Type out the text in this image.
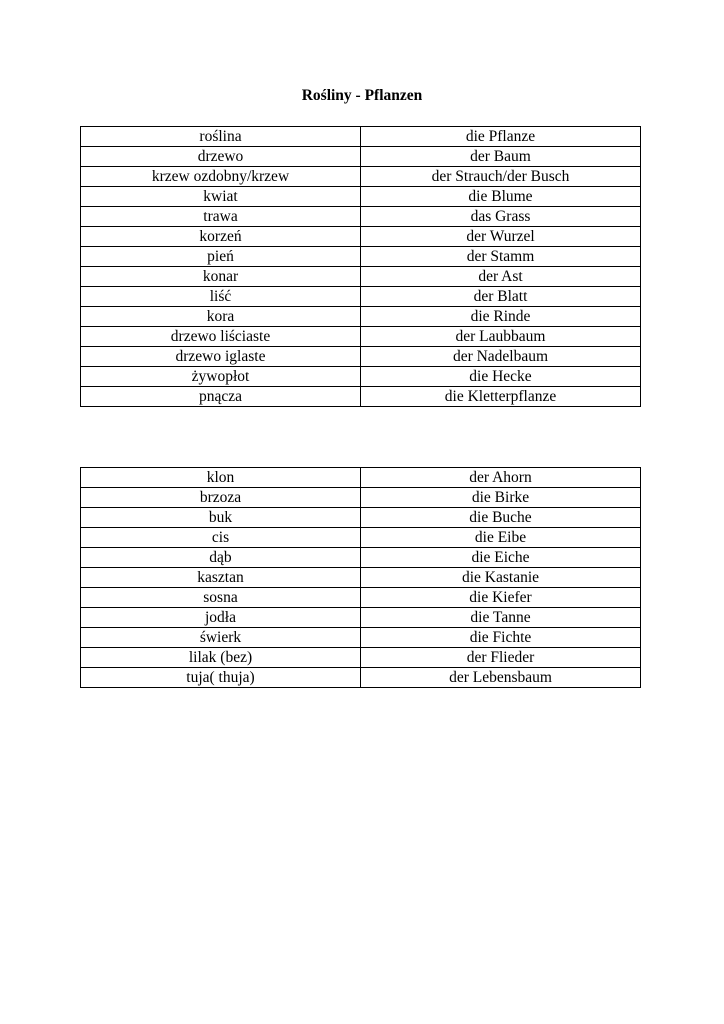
Rośliny - Pflanzen
roślina	die Pflanze
drzewo	der Baum
krzew ozdobny/krzew	der Strauch/der Busch
kwiat	die Blume
trawa	das Grass
korzeń	der Wurzel
pień	der Stamm
konar	der Ast
liść	der Blatt
kora	die Rinde
drzewo liściaste	der Laubbaum
drzewo iglaste	der Nadelbaum
żywopłot	die Hecke
pnącza	die Kletterpflanze
klon	der Ahorn
brzoza	die Birke
buk	die Buche
cis	die Eibe
dąb	die Eiche
kasztan	die Kastanie
sosna	die Kiefer
jodła	die Tanne
świerk	die Fichte
lilak (bez)	der Flieder
tuja( thuja)	der Lebensbaum
